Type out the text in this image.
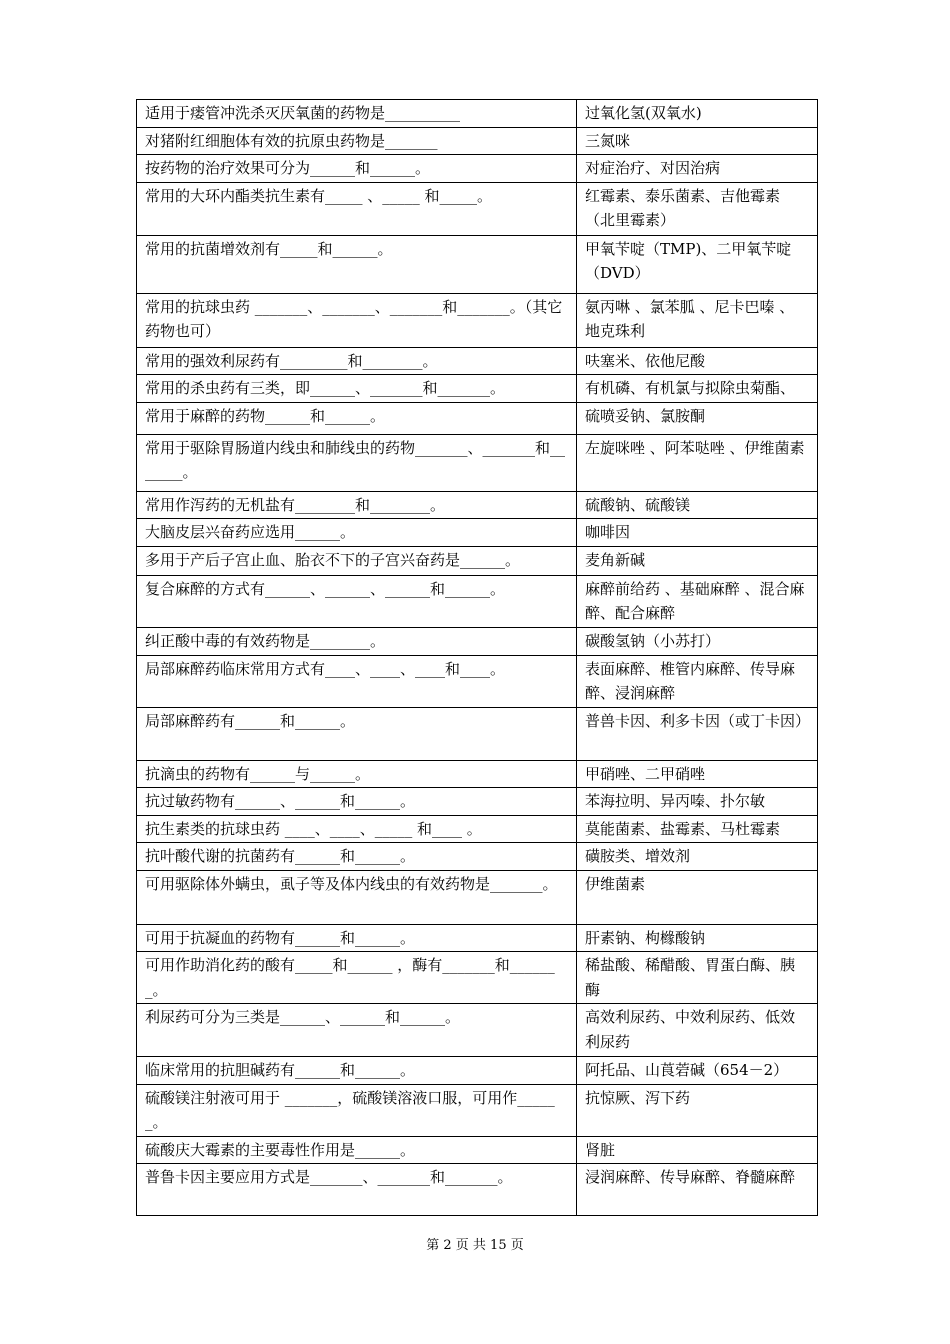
适用于瘘管冲洗杀灭厌氧菌的药物是__________	过氧化氢(双氧水)
对猪附红细胞体有效的抗原虫药物是_______	三氮咪
按药物的治疗效果可分为______和______。	对症治疗、对因治病
常用的大环内酯类抗生素有_____ 、_____ 和_____。	红霉素、泰乐菌素、吉他霉素（北里霉素）
常用的抗菌增效剂有_____和______。	甲氧苄啶（TMP)、二甲氧苄啶（DVD）
常用的抗球虫药 _______、_______、_______和_______。（其它药物也可）	氨丙啉 、氯苯胍 、尼卡巴嗪 、地克珠利
常用的强效利尿药有_________和________。	呋塞米、依他尼酸
常用的杀虫药有三类，即______、_______和_______。	有机磷、有机氯与拟除虫菊酯、
常用于麻醉的药物______和______。	硫喷妥钠、氯胺酮
常用于驱除胃肠道内线虫和肺线虫的药物_______、_______和_______。	左旋咪唑 、阿苯哒唑 、伊维菌素
常用作泻药的无机盐有________和________。	硫酸钠、硫酸镁
大脑皮层兴奋药应选用______。	咖啡因
多用于产后子宫止血、胎衣不下的子宫兴奋药是______。	麦角新碱
复合麻醉的方式有______、______、______和______。	麻醉前给药 、基础麻醉 、混合麻醉、配合麻醉
纠正酸中毒的有效药物是________。	碳酸氢钠（小苏打）
局部麻醉药临床常用方式有____、____、____和____。	表面麻醉、椎管内麻醉、传导麻醉、浸润麻醉
局部麻醉药有______和______。	普兽卡因、利多卡因（或丁卡因）
抗滴虫的药物有______与______。	甲硝唑、二甲硝唑
抗过敏药物有______、______和______。	苯海拉明、异丙嗪、扑尔敏
抗生素类的抗球虫药 ____、____、_____ 和____ 。	莫能菌素、盐霉素、马杜霉素
抗叶酸代谢的抗菌药有______和______。	磺胺类、增效剂
可用驱除体外螨虫，虱子等及体内线虫的有效药物是_______。	伊维菌素
可用于抗凝血的药物有______和______。	肝素钠、枸橼酸钠
可用作助消化药的酸有_____和______ ，酶有_______和_______。	稀盐酸、稀醋酸、胃蛋白酶、胰酶
利尿药可分为三类是______、______和______。	高效利尿药、中效利尿药、低效利尿药
临床常用的抗胆碱药有______和______。	阿托品、山莨菪碱（654－2）
硫酸镁注射液可用于 _______，硫酸镁溶液口服，可用作______。	抗惊厥、泻下药
硫酸庆大霉素的主要毒性作用是______。	肾脏
普鲁卡因主要应用方式是_______、_______和_______。	浸润麻醉、传导麻醉、脊髓麻醉
第 2 页 共 15 页
